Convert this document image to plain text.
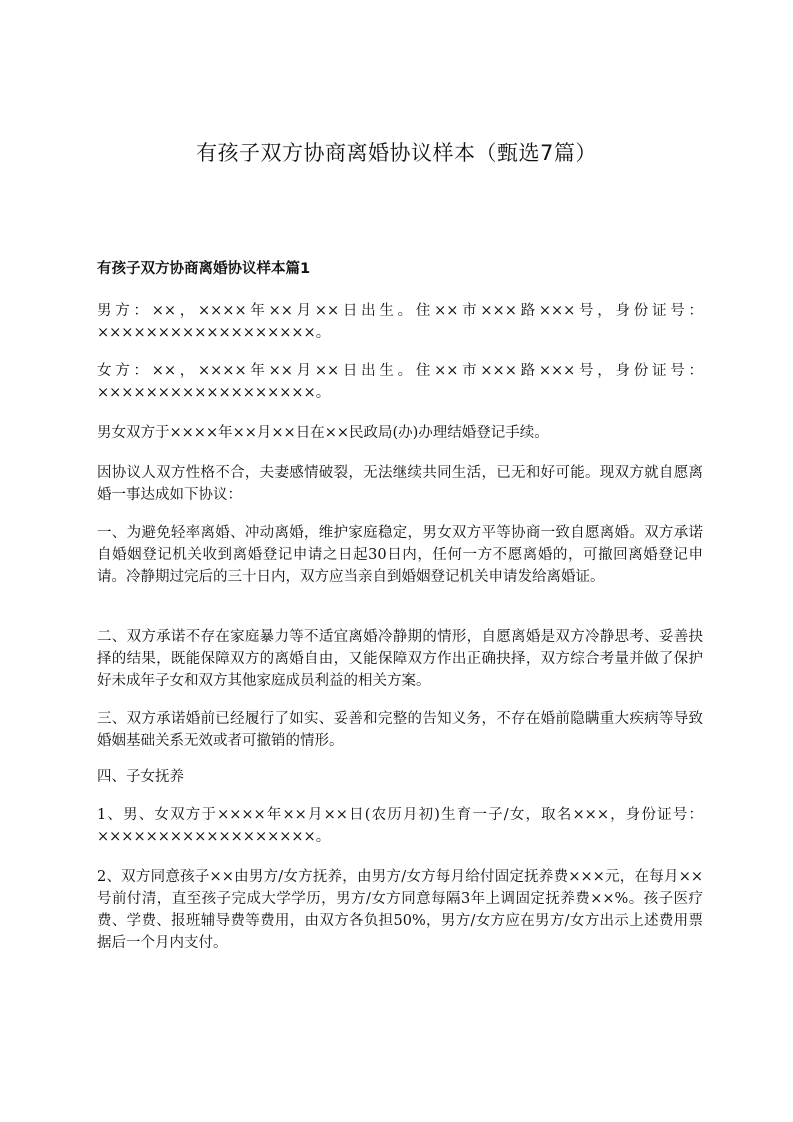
有孩子双方协商离婚协议样本（甄选7篇）
有孩子双方协商离婚协议样本篇1

男方：××，××××年××月××日出生。住××市×××路×××号，身份证号：××××××××××××××××××。

女方：××，××××年××月××日出生。住××市×××路×××号，身份证号：××××××××××××××××××。

男女双方于××××年××月××日在××民政局(办)办理结婚登记手续。

因协议人双方性格不合，夫妻感情破裂，无法继续共同生活，已无和好可能。现双方就自愿离婚一事达成如下协议：

一、为避免轻率离婚、冲动离婚，维护家庭稳定，男女双方平等协商一致自愿离婚。双方承诺自婚姻登记机关收到离婚登记申请之日起30日内，任何一方不愿离婚的，可撤回离婚登记申请。冷静期过完后的三十日内，双方应当亲自到婚姻登记机关申请发给离婚证。

二、双方承诺不存在家庭暴力等不适宜离婚冷静期的情形，自愿离婚是双方冷静思考、妥善抉择的结果，既能保障双方的离婚自由，又能保障双方作出正确抉择，双方综合考量并做了保护好未成年子女和双方其他家庭成员利益的相关方案。

三、双方承诺婚前已经履行了如实、妥善和完整的告知义务，不存在婚前隐瞒重大疾病等导致婚姻基础关系无效或者可撤销的情形。

四、子女抚养

1、男、女双方于××××年××月××日(农历月初)生育一子/女，取名×××，身份证号：××××××××××××××××××。

2、双方同意孩子××由男方/女方抚养，由男方/女方每月给付固定抚养费×××元，在每月××号前付清，直至孩子完成大学学历，男方/女方同意每隔3年上调固定抚养费××%。孩子医疗费、学费、报班辅导费等费用，由双方各负担50%，男方/女方应在男方/女方出示上述费用票据后一个月内支付。
